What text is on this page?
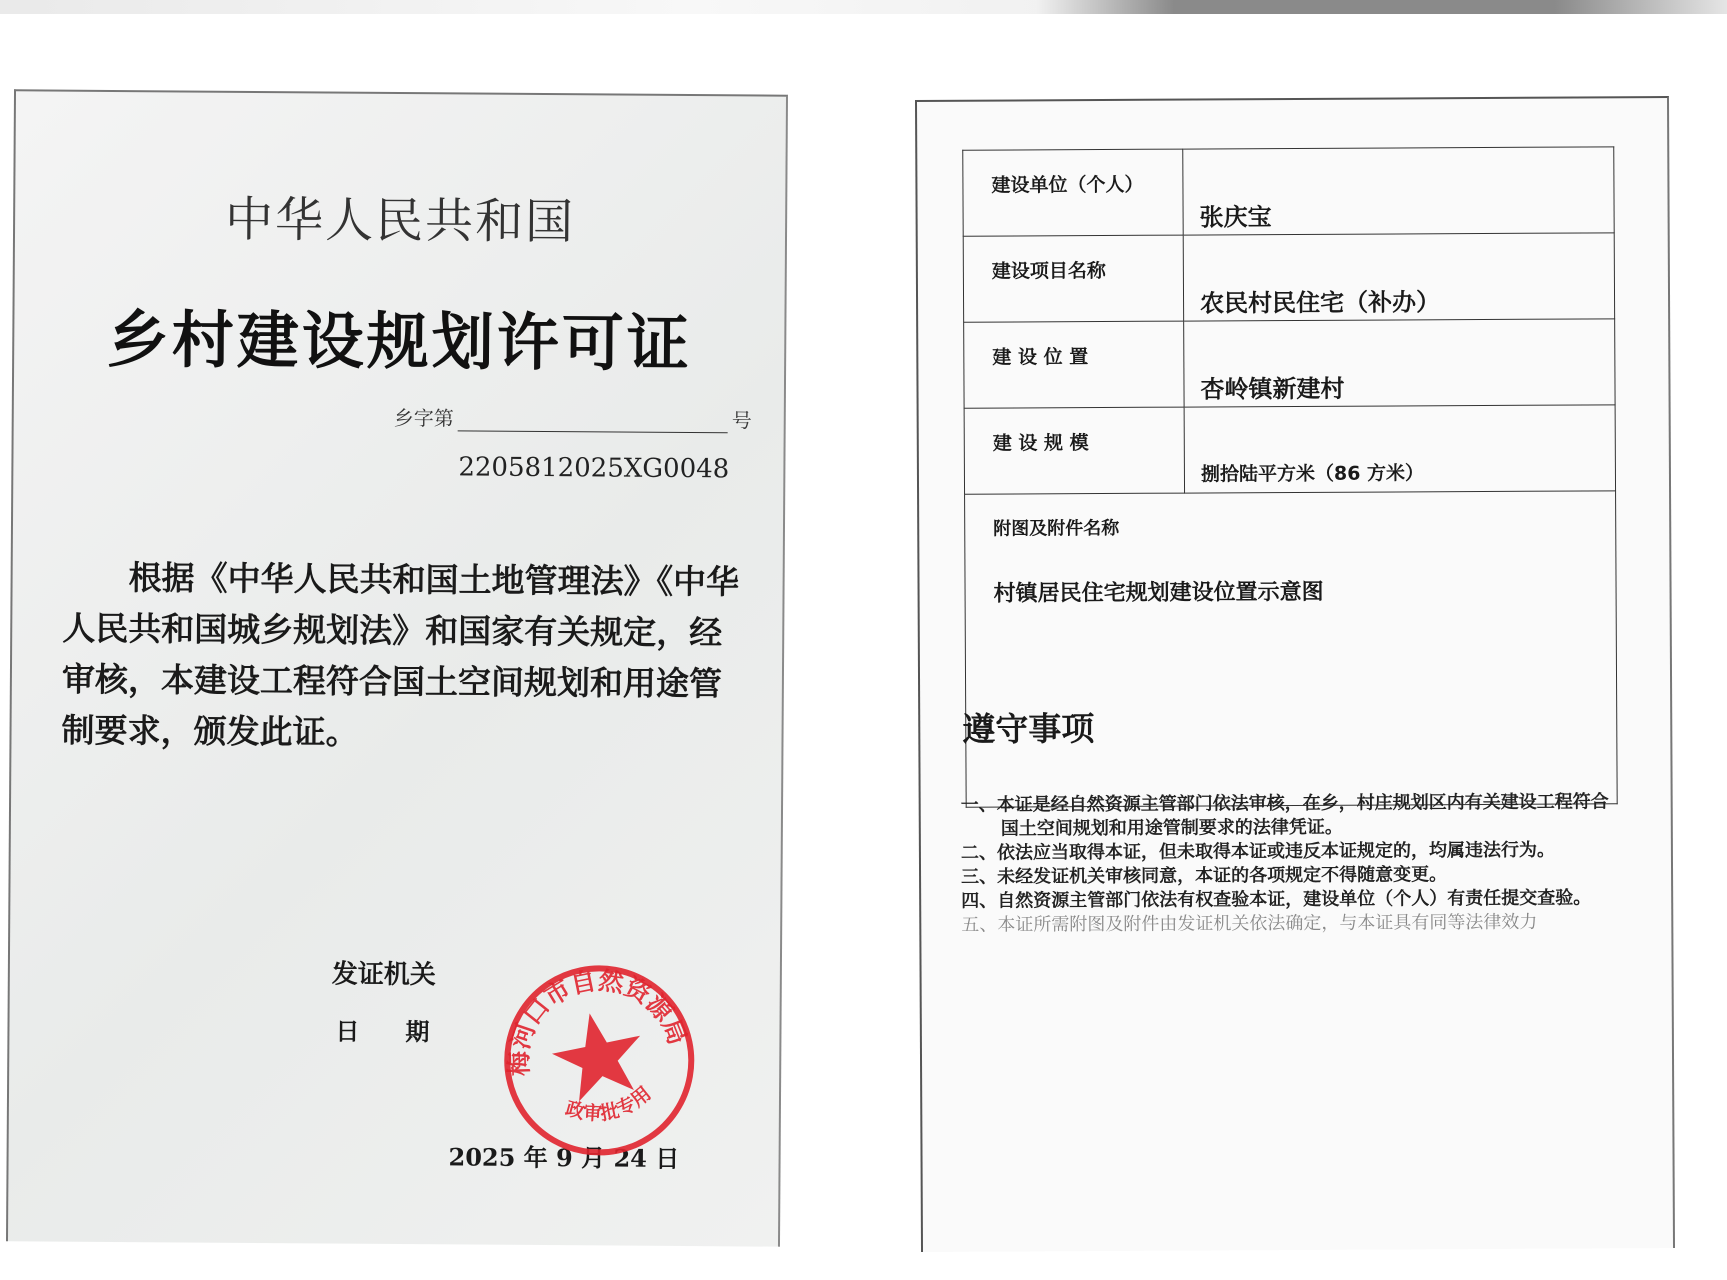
中华人民共和国
乡村建设规划许可证
乡字第	号
2205812025XG0048

根据《中华人民共和国土地管理法》《中华人民共和国城乡规划法》和国家有关规定，经审核，本建设工程符合国土空间规划和用途管制要求，颁发此证。

发证机关
日期
2025 年 9 月 24 日
梅河口市自然资源局
行政审批专用章
建设单位（个人）	张庆宝
建设项目名称	农民村民住宅（补办）
建 设 位 置	杏岭镇新建村
建 设 规 模	捌拾陆平方米（86 方米）

附图及附件名称
村镇居民住宅规划建设位置示意图	
遵守事项
一、本证是经自然资源主管部门依法审核，在乡，村庄规划区内有关建设工程符合国土空间规划和用途管制要求的法律凭证。
二、依法应当取得本证，但未取得本证或违反本证规定的，均属违法行为。
三、未经发证机关审核同意，本证的各项规定不得随意变更。
四、自然资源主管部门依法有权查验本证，建设单位（个人）有责任提交查验。
五、本证所需附图及附件由发证机关依法确定，与本证具有同等法律效力
